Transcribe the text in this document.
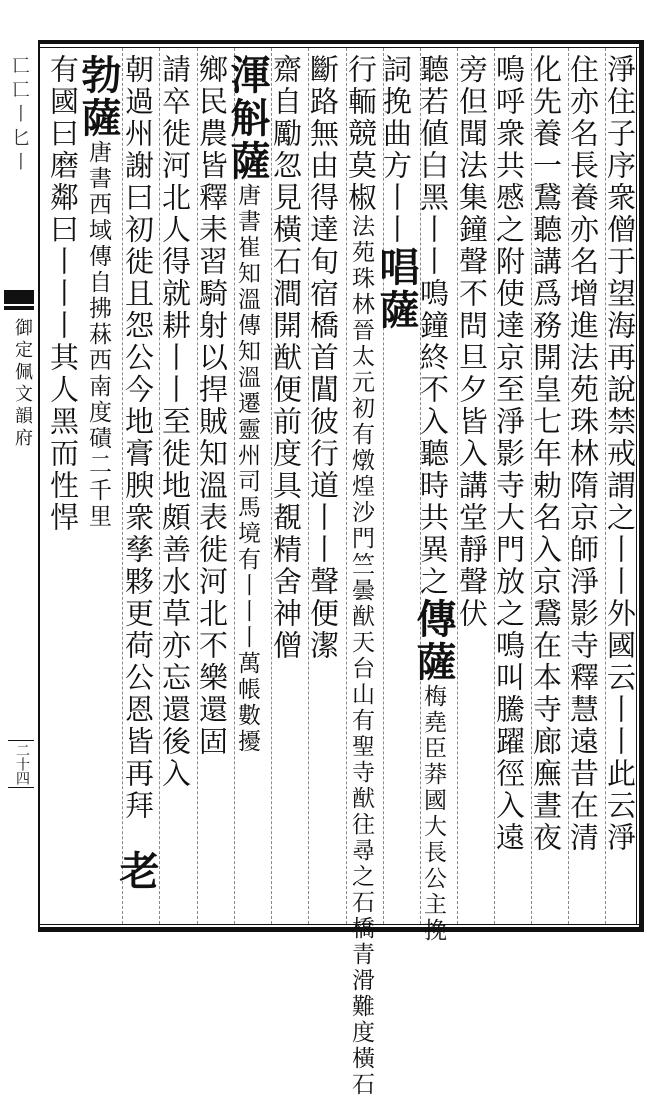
匸匸丨匕丨
御定佩文韻府
二十四	淨住子序衆僧于望海再說禁戒謂之丨丨外國云丨丨此云淨
住亦名長養亦名增進法苑珠林隋京師淨影寺釋慧遠昔在清
化先養一鵞聽講爲務開皇七年勅名入京鵞在本寺廊廡晝夜
鳴呼衆共慼之附使達京至淨影寺大門放之鳴叫騰躍徑入遠
旁但聞法集鐘聲不問旦夕皆入講堂靜聲伏
聽若値白黑丨丨鳴鐘終不入聽時共異之傳薩梅堯臣莽國大長公主挽
詞挽曲方丨丨唱薩
行輀競莫椒法苑珠林晉太元初有燉煌沙門竺曇猷天台山有聖寺猷往尋之石橋青滑難度橫石
斷路無由得達旬宿橋首閶彼行道丨丨聲便潔
齋自勵忽見橫石澗開猷便前度具覩精舍神僧
渾斛薩唐書崔知溫傳知溫遷靈州司馬境有丨丨丨萬帳數擾
鄉民農皆釋耒習騎射以捍賊知溫表徙河北不樂還固
請卒徙河北人得就耕丨丨至徙地頗善水草亦忘還後入
朝過州謝曰初徙且怨公今地膏腴衆孳夥更荷公恩皆再拜
老
勃薩唐書西域傳自拂菻西南度磧二千里
有國曰磨鄰曰丨丨丨其人黑而性悍
